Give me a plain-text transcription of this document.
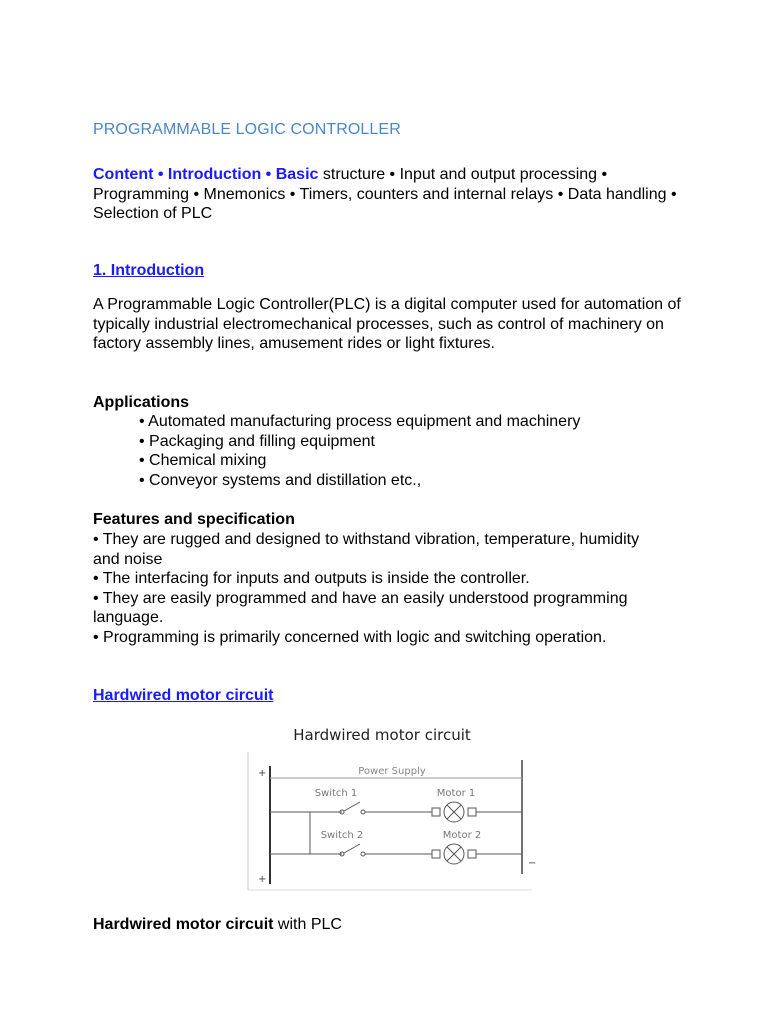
PROGRAMMABLE LOGIC CONTROLLER
Content • Introduction • Basic structure • Input and output processing • Programming • Mnemonics • Timers, counters and internal relays • Data handling • Selection of PLC
1. Introduction
A Programmable Logic Controller(PLC) is a digital computer used for automation of typically industrial electromechanical processes, such as control of machinery on factory assembly lines, amusement rides or light fixtures.
Applications
• Automated manufacturing process equipment and machinery
• Packaging and filling equipment
• Chemical mixing
• Conveyor systems and distillation etc.,
Features and specification
• They are rugged and designed to withstand vibration, temperature, humidity and noise
• The interfacing for inputs and outputs is inside the controller.
• They are easily programmed and have an easily understood programming language.
• Programming is primarily concerned with logic and switching operation.
Hardwired motor circuit
Hardwired motor circuit
Power Supply
+
+
−
Switch 1	Motor 1
Switch 2	Motor 2
Hardwired motor circuit with PLC
